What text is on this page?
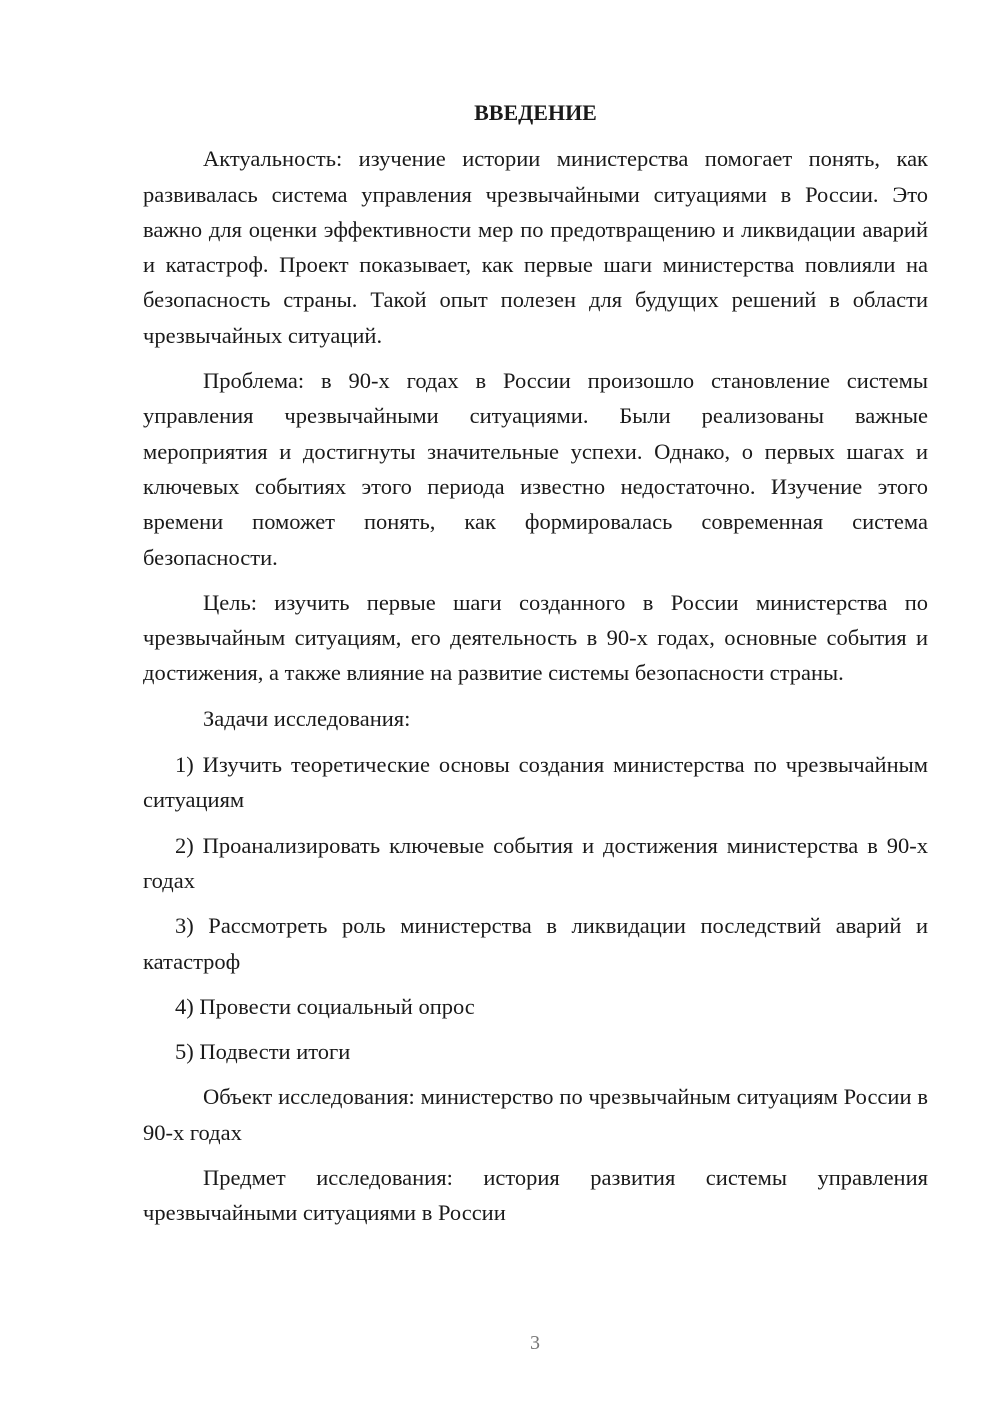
ВВЕДЕНИЕ

Актуальность: изучение истории министерства помогает понять, как развивалась система управления чрезвычайными ситуациями в России. Это важно для оценки эффективности мер по предотвращению и ликвидации аварий и катастроф. Проект показывает, как первые шаги министерства повлияли на безопасность страны. Такой опыт полезен для будущих решений в области чрезвычайных ситуаций.

Проблема: в 90-х годах в России произошло становление системы управления чрезвычайными ситуациями. Были реализованы важные мероприятия и достигнуты значительные успехи. Однако, о первых шагах и ключевых событиях этого периода известно недостаточно. Изучение этого времени поможет понять, как формировалась современная система безопасности.

Цель: изучить первые шаги созданного в России министерства по чрезвычайным ситуациям, его деятельность в 90-х годах, основные события и достижения, а также влияние на развитие системы безопасности страны.

Задачи исследования:

1) Изучить теоретические основы создания министерства по чрезвычайным ситуациям

2) Проанализировать ключевые события и достижения министерства в 90-х годах

3) Рассмотреть роль министерства в ликвидации последствий аварий и катастроф

4) Провести социальный опрос

5) Подвести итоги

Объект исследования: министерство по чрезвычайным ситуациям России в 90-х годах

Предмет исследования: история развития системы управления чрезвычайными ситуациями в России

3
